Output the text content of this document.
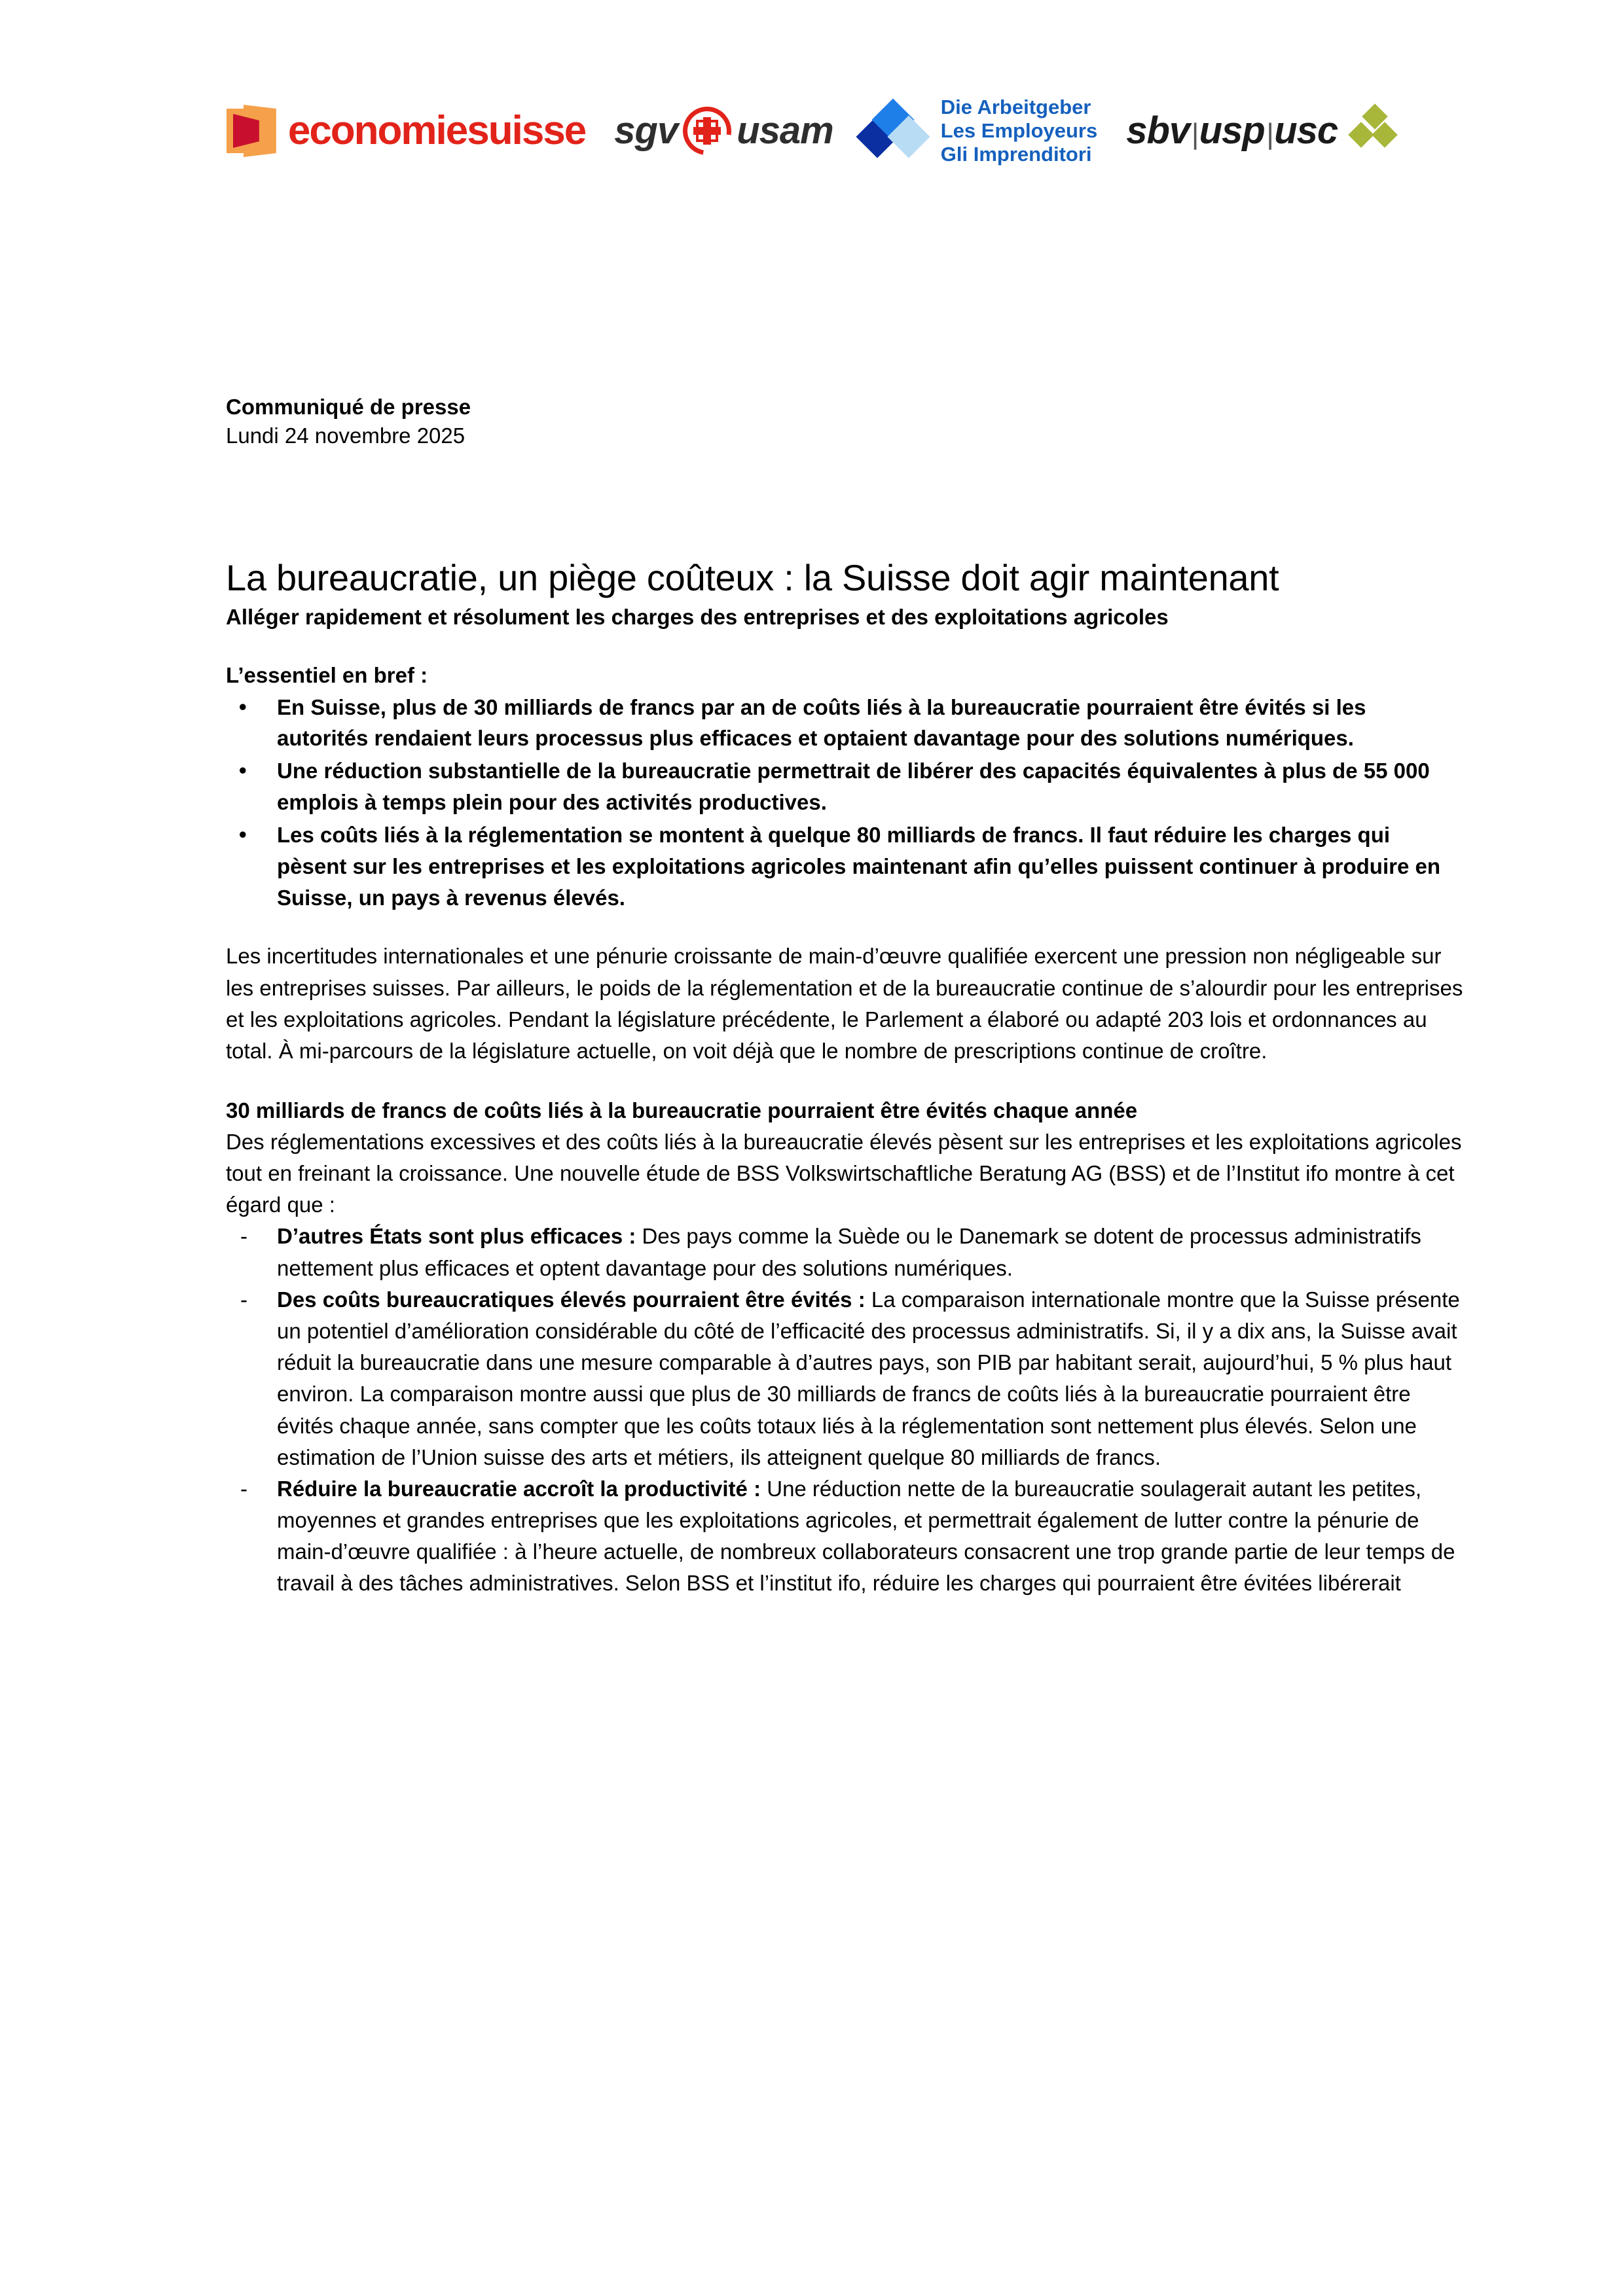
economiesuisse sgv usam
Die Arbeitgeber
Les Employeurs
Gli Imprenditori
sbv|usp|usc

Communiqué de presse

Lundi 24 novembre 2025

La bureaucratie, un piège coûteux : la Suisse doit agir maintenant

Alléger rapidement et résolument les charges des entreprises et des exploitations agricoles

L’essentiel en bref :

• En Suisse, plus de 30 milliards de francs par an de coûts liés à la bureaucratie pourraient être évités si les autorités rendaient leurs processus plus efficaces et optaient davantage pour des solutions numériques.
• Une réduction substantielle de la bureaucratie permettrait de libérer des capacités équivalentes à plus de 55 000 emplois à temps plein pour des activités productives.
• Les coûts liés à la réglementation se montent à quelque 80 milliards de francs. Il faut réduire les charges qui pèsent sur les entreprises et les exploitations agricoles maintenant afin qu’elles puissent continuer à produire en Suisse, un pays à revenus élevés.

Les incertitudes internationales et une pénurie croissante de main-d’œuvre qualifiée exercent une pression non négligeable sur les entreprises suisses. Par ailleurs, le poids de la réglementation et de la bureaucratie continue de s’alourdir pour les entreprises et les exploitations agricoles. Pendant la législature précédente, le Parlement a élaboré ou adapté 203 lois et ordonnances au total. À mi-parcours de la législature actuelle, on voit déjà que le nombre de prescriptions continue de croître.

30 milliards de francs de coûts liés à la bureaucratie pourraient être évités chaque année

Des réglementations excessives et des coûts liés à la bureaucratie élevés pèsent sur les entreprises et les exploitations agricoles tout en freinant la croissance. Une nouvelle étude de BSS Volkswirtschaftliche Beratung AG (BSS) et de l’Institut ifo montre à cet égard que :

- D’autres États sont plus efficaces : Des pays comme la Suède ou le Danemark se dotent de processus administratifs nettement plus efficaces et optent davantage pour des solutions numériques.
- Des coûts bureaucratiques élevés pourraient être évités : La comparaison internationale montre que la Suisse présente un potentiel d’amélioration considérable du côté de l’efficacité des processus administratifs. Si, il y a dix ans, la Suisse avait réduit la bureaucratie dans une mesure comparable à d’autres pays, son PIB par habitant serait, aujourd’hui, 5 % plus haut environ. La comparaison montre aussi que plus de 30 milliards de francs de coûts liés à la bureaucratie pourraient être évités chaque année, sans compter que les coûts totaux liés à la réglementation sont nettement plus élevés. Selon une estimation de l’Union suisse des arts et métiers, ils atteignent quelque 80 milliards de francs.
- Réduire la bureaucratie accroît la productivité : Une réduction nette de la bureaucratie soulagerait autant les petites, moyennes et grandes entreprises que les exploitations agricoles, et permettrait également de lutter contre la pénurie de main-d’œuvre qualifiée : à l’heure actuelle, de nombreux collaborateurs consacrent une trop grande partie de leur temps de travail à des tâches administratives. Selon BSS et l’institut ifo, réduire les charges qui pourraient être évitées libérerait
